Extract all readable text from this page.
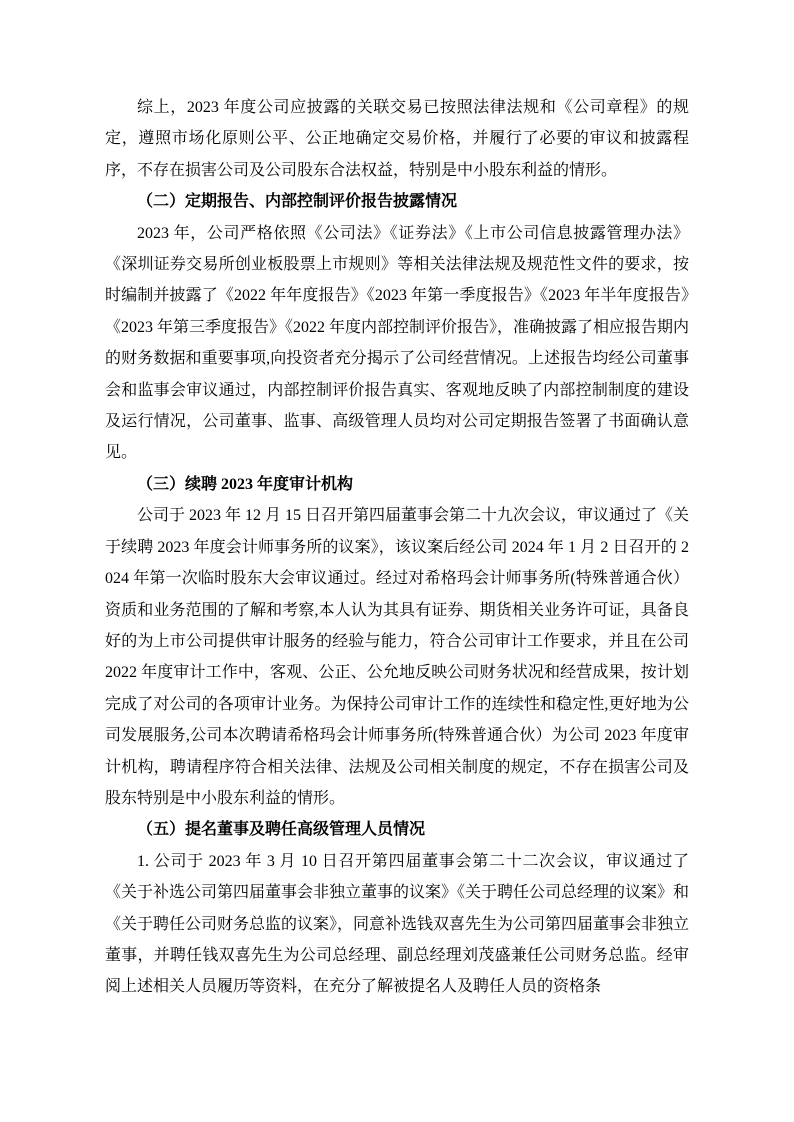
综上，2023 年度公司应披露的关联交易已按照法律法规和《公司章程》的规定，遵照市场化原则公平、公正地确定交易价格，并履行了必要的审议和披露程序，不存在损害公司及公司股东合法权益，特别是中小股东利益的情形。

（二）定期报告、内部控制评价报告披露情况

2023 年，公司严格依照《公司法》《证券法》《上市公司信息披露管理办法》《深圳证券交易所创业板股票上市规则》等相关法律法规及规范性文件的要求，按时编制并披露了《2022 年年度报告》《2023 年第一季度报告》《2023 年半年度报告》《2023 年第三季度报告》《2022 年度内部控制评价报告》，准确披露了相应报告期内的财务数据和重要事项,向投资者充分揭示了公司经营情况。上述报告均经公司董事会和监事会审议通过，内部控制评价报告真实、客观地反映了内部控制制度的建设及运行情况，公司董事、监事、高级管理人员均对公司定期报告签署了书面确认意见。

（三）续聘 2023 年度审计机构

公司于 2023 年 12 月 15 日召开第四届董事会第二十九次会议，审议通过了《关于续聘 2023 年度会计师事务所的议案》，该议案后经公司 2024 年 1 月 2 日召开的 2024 年第一次临时股东大会审议通过。经过对希格玛会计师事务所(特殊普通合伙）资质和业务范围的了解和考察,本人认为其具有证券、期货相关业务许可证，具备良好的为上市公司提供审计服务的经验与能力，符合公司审计工作要求，并且在公司 2022 年度审计工作中，客观、公正、公允地反映公司财务状况和经营成果，按计划完成了对公司的各项审计业务。为保持公司审计工作的连续性和稳定性,更好地为公司发展服务,公司本次聘请希格玛会计师事务所(特殊普通合伙）为公司 2023 年度审计机构，聘请程序符合相关法律、法规及公司相关制度的规定，不存在损害公司及股东特别是中小股东利益的情形。

（五）提名董事及聘任高级管理人员情况

1. 公司于 2023 年 3 月 10 日召开第四届董事会第二十二次会议，审议通过了《关于补选公司第四届董事会非独立董事的议案》《关于聘任公司总经理的议案》和《关于聘任公司财务总监的议案》，同意补选钱双喜先生为公司第四届董事会非独立董事，并聘任钱双喜先生为公司总经理、副总经理刘茂盛兼任公司财务总监。经审阅上述相关人员履历等资料，在充分了解被提名人及聘任人员的资格条
